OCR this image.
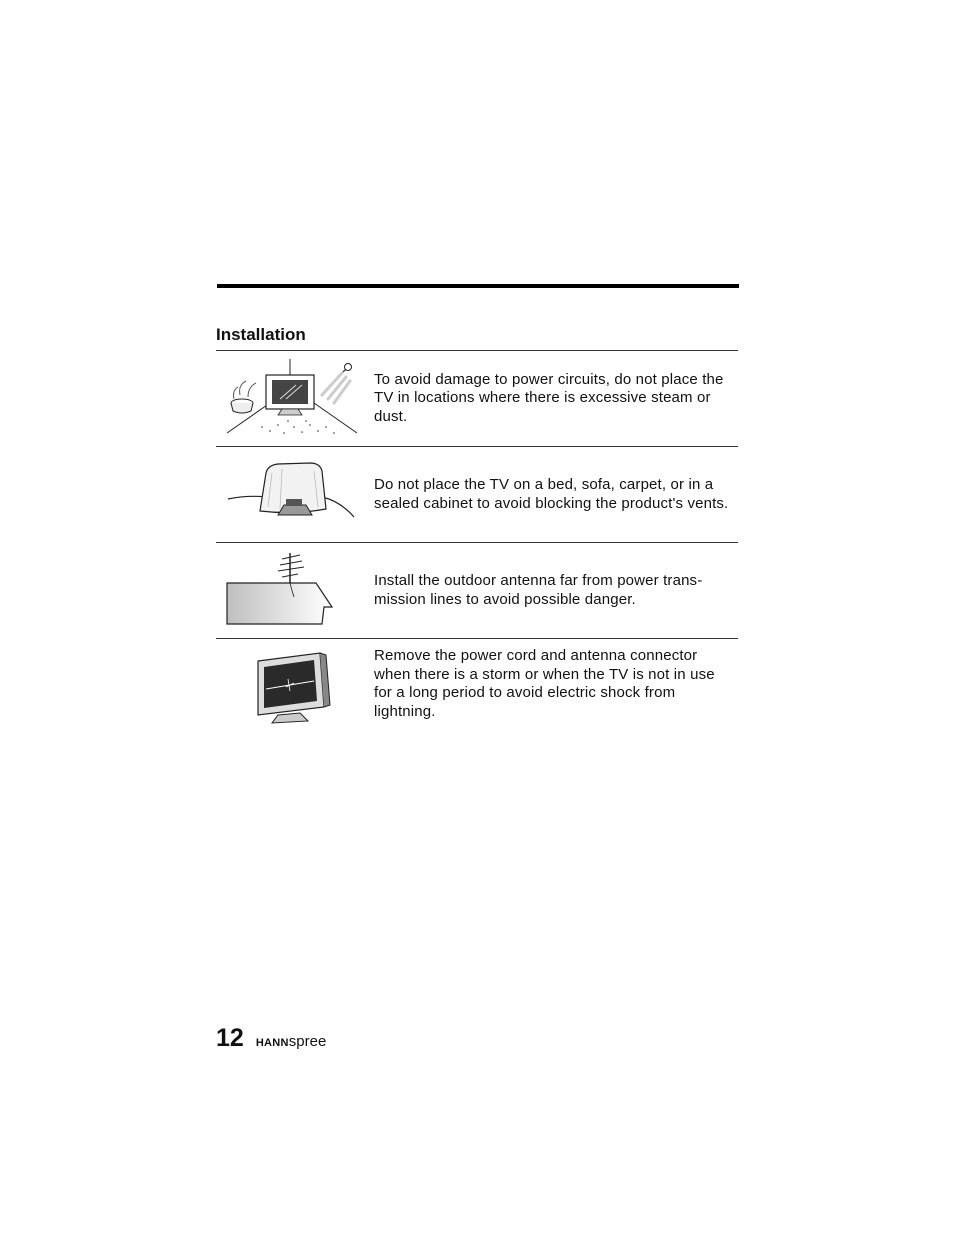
Installation
To avoid damage to power circuits, do not place the TV in locations where there is excessive steam or dust.
Do not place the TV on a bed, sofa, carpet, or in a sealed cabinet to avoid blocking the product's vents.
Install the outdoor antenna far from power trans-mission lines to avoid possible danger.
Remove the power cord and antenna connector when there is a storm or when the TV is not in use for a long period to avoid electric shock from lightning.
12 HANNspree
